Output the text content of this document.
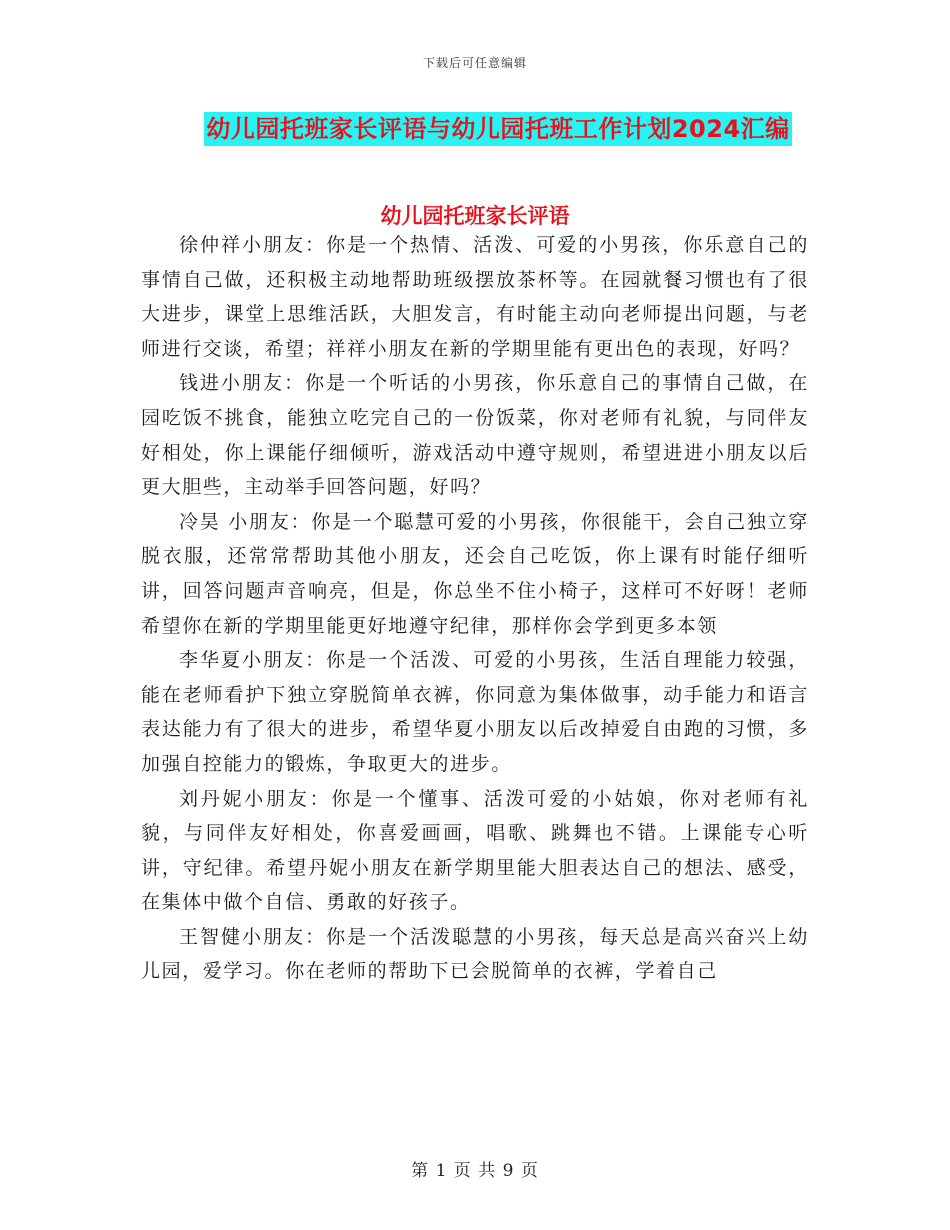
下载后可任意编辑
幼儿园托班家长评语与幼儿园托班工作计划2024汇编
幼儿园托班家长评语

徐仲祥小朋友：你是一个热情、活泼、可爱的小男孩，你乐意自己的事情自己做，还积极主动地帮助班级摆放茶杯等。在园就餐习惯也有了很大进步，课堂上思维活跃，大胆发言，有时能主动向老师提出问题，与老师进行交谈，希望；祥祥小朋友在新的学期里能有更出色的表现，好吗？

钱进小朋友：你是一个听话的小男孩，你乐意自己的事情自己做，在园吃饭不挑食，能独立吃完自己的一份饭菜，你对老师有礼貌，与同伴友好相处，你上课能仔细倾听，游戏活动中遵守规则，希望进进小朋友以后更大胆些，主动举手回答问题，好吗？

冷昊 小朋友：你是一个聪慧可爱的小男孩，你很能干，会自己独立穿脱衣服，还常常帮助其他小朋友，还会自己吃饭，你上课有时能仔细听讲，回答问题声音响亮，但是，你总坐不住小椅子，这样可不好呀！老师希望你在新的学期里能更好地遵守纪律，那样你会学到更多本领

李华夏小朋友：你是一个活泼、可爱的小男孩，生活自理能力较强，能在老师看护下独立穿脱简单衣裤，你同意为集体做事，动手能力和语言表达能力有了很大的进步，希望华夏小朋友以后改掉爱自由跑的习惯，多加强自控能力的锻炼，争取更大的进步。

刘丹妮小朋友：你是一个懂事、活泼可爱的小姑娘，你对老师有礼貌，与同伴友好相处，你喜爱画画，唱歌、跳舞也不错。上课能专心听讲，守纪律。希望丹妮小朋友在新学期里能大胆表达自己的想法、感受，在集体中做个自信、勇敢的好孩子。

王智健小朋友：你是一个活泼聪慧的小男孩，每天总是高兴奋兴上幼儿园，爱学习。你在老师的帮助下已会脱简单的衣裤，学着自己

第 1 页 共 9 页
